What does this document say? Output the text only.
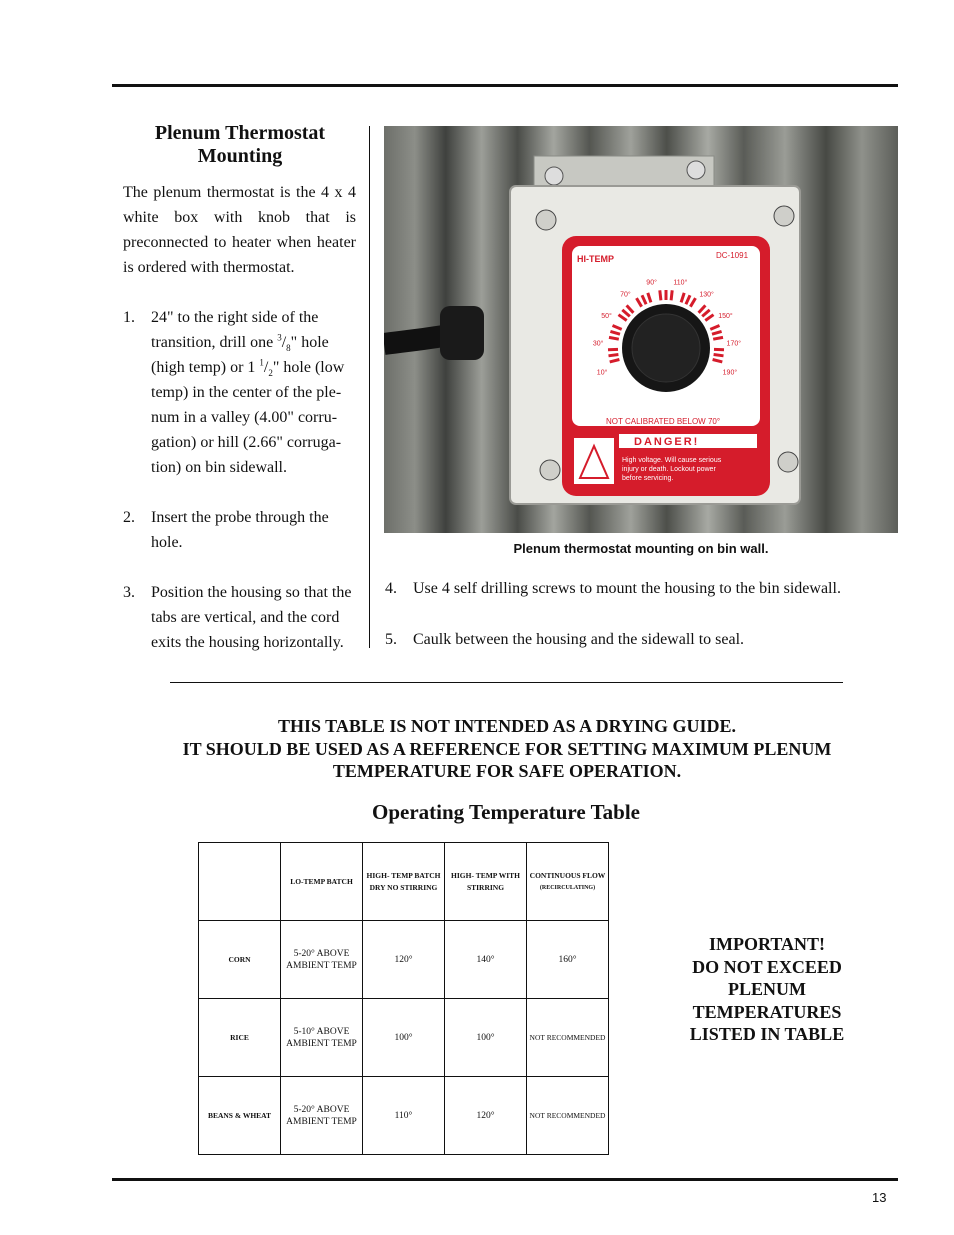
Plenum Thermostat Mounting

The plenum thermostat is the 4 x 4 white box with knob that is preconnected to heater when heater is ordered with thermostat.

1. 24" to the right side of the transition, drill one $^3/_8$" hole (high temp) or 1 $^1/_2$" hole (low temp) in the center of the ple-num in a valley (4.00" corru-gation) or hill (2.66" corruga-tion) on bin sidewall.
2. Insert the probe through the hole.
3. Position the housing so that the tabs are vertical, and the cord exits the housing horizontally.
HI-TEMP	DC-1091
10°
30°
50°
70°
90° 110°
130°
150°
170°
190°
NOT CALIBRATED BELOW 70°
ALL TEMP °F
DANGER!
High voltage. Will cause serious
injury or death. Lockout power
before servicing.
Plenum thermostat mounting on bin wall.
4. Use 4 self drilling screws to mount the housing to the bin sidewall.
5. Caulk between the housing and the sidewall to seal.
THIS TABLE IS NOT INTENDED AS A DRYING GUIDE.
IT SHOULD BE USED AS A REFERENCE FOR SETTING MAXIMUM PLENUM
TEMPERATURE FOR SAFE OPERATION.
Operating Temperature Table
	LO-TEMP BATCH	HIGH- TEMP BATCH DRY NO STIRRING	HIGH- TEMP WITH STIRRING	CONTINUOUS FLOW
(RECIRCULATING)

CORN	5-20° ABOVE AMBIENT TEMP	120°	140°	160°
RICE	5-10° ABOVE AMBIENT TEMP	100°	100°	NOT RECOMMENDED
BEANS & WHEAT	5-20° ABOVE AMBIENT TEMP	110°	120°	NOT RECOMMENDED
IMPORTANT!
DO NOT EXCEED
PLENUM
TEMPERATURES
LISTED IN TABLE
13
